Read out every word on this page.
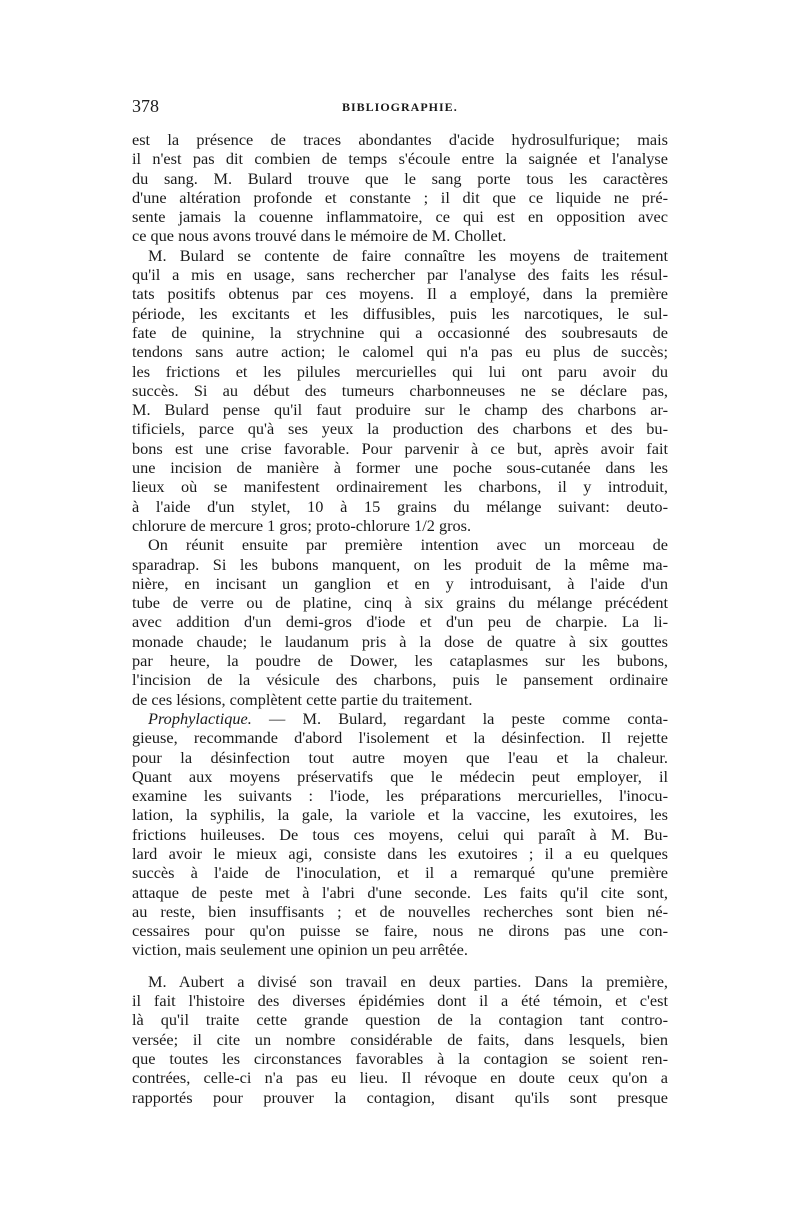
378	BIBLIOGRAPHIE.
est la présence de traces abondantes d'acide hydrosulfurique; mais
il n'est pas dit combien de temps s'écoule entre la saignée et l'analyse
du sang. M. Bulard trouve que le sang porte tous les caractères
d'une altération profonde et constante ; il dit que ce liquide ne pré-
sente jamais la couenne inflammatoire, ce qui est en opposition avec
ce que nous avons trouvé dans le mémoire de M. Chollet.
M. Bulard se contente de faire connaître les moyens de traitement
qu'il a mis en usage, sans rechercher par l'analyse des faits les résul-
tats positifs obtenus par ces moyens. Il a employé, dans la première
période, les excitants et les diffusibles, puis les narcotiques, le sul-
fate de quinine, la strychnine qui a occasionné des soubresauts de
tendons sans autre action; le calomel qui n'a pas eu plus de succès;
les frictions et les pilules mercurielles qui lui ont paru avoir du
succès. Si au début des tumeurs charbonneuses ne se déclare pas,
M. Bulard pense qu'il faut produire sur le champ des charbons ar-
tificiels, parce qu'à ses yeux la production des charbons et des bu-
bons est une crise favorable. Pour parvenir à ce but, après avoir fait
une incision de manière à former une poche sous-cutanée dans les
lieux où se manifestent ordinairement les charbons, il y introduit,
à l'aide d'un stylet, 10 à 15 grains du mélange suivant: deuto-
chlorure de mercure 1 gros; proto-chlorure 1/2 gros.
On réunit ensuite par première intention avec un morceau de
sparadrap. Si les bubons manquent, on les produit de la même ma-
nière, en incisant un ganglion et en y introduisant, à l'aide d'un
tube de verre ou de platine, cinq à six grains du mélange précédent
avec addition d'un demi-gros d'iode et d'un peu de charpie. La li-
monade chaude; le laudanum pris à la dose de quatre à six gouttes
par heure, la poudre de Dower, les cataplasmes sur les bubons,
l'incision de la vésicule des charbons, puis le pansement ordinaire
de ces lésions, complètent cette partie du traitement.
Prophylactique. — M. Bulard, regardant la peste comme conta-
gieuse, recommande d'abord l'isolement et la désinfection. Il rejette
pour la désinfection tout autre moyen que l'eau et la chaleur.
Quant aux moyens préservatifs que le médecin peut employer, il
examine les suivants : l'iode, les préparations mercurielles, l'inocu-
lation, la syphilis, la gale, la variole et la vaccine, les exutoires, les
frictions huileuses. De tous ces moyens, celui qui paraît à M. Bu-
lard avoir le mieux agi, consiste dans les exutoires ; il a eu quelques
succès à l'aide de l'inoculation, et il a remarqué qu'une première
attaque de peste met à l'abri d'une seconde. Les faits qu'il cite sont,
au reste, bien insuffisants ; et de nouvelles recherches sont bien né-
cessaires pour qu'on puisse se faire, nous ne dirons pas une con-
viction, mais seulement une opinion un peu arrêtée.
M. Aubert a divisé son travail en deux parties. Dans la première,
il fait l'histoire des diverses épidémies dont il a été témoin, et c'est
là qu'il traite cette grande question de la contagion tant contro-
versée; il cite un nombre considérable de faits, dans lesquels, bien
que toutes les circonstances favorables à la contagion se soient ren-
contrées, celle-ci n'a pas eu lieu. Il révoque en doute ceux qu'on a
rapportés pour prouver la contagion, disant qu'ils sont presque
